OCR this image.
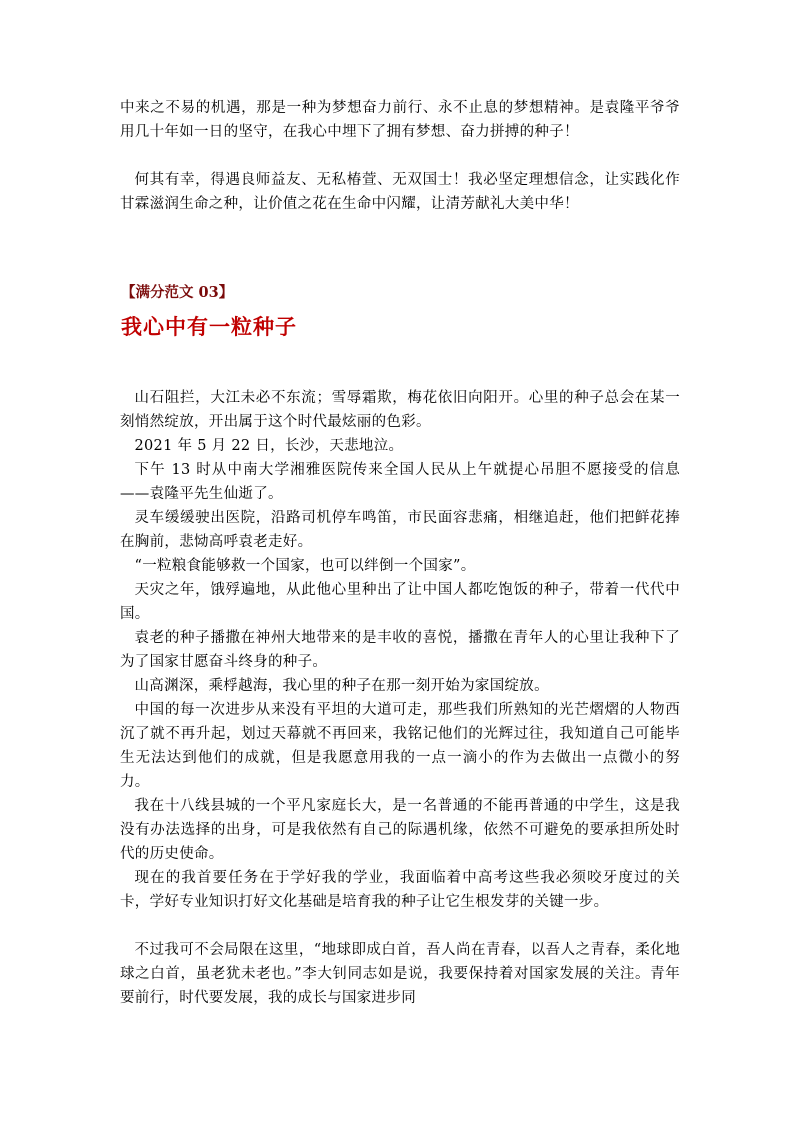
中来之不易的机遇，那是一种为梦想奋力前行、永不止息的梦想精神。是袁隆平爷爷用几十年如一日的坚守，在我心中埋下了拥有梦想、奋力拼搏的种子！

何其有幸，得遇良师益友、无私椿萱、无双国士！我必坚定理想信念，让实践化作甘霖滋润生命之种，让价值之花在生命中闪耀，让清芳献礼大美中华！

【满分范文 03】

我心中有一粒种子

山石阻拦，大江未必不东流；雪辱霜欺，梅花依旧向阳开。心里的种子总会在某一刻悄然绽放，开出属于这个时代最炫丽的色彩。

2021 年 5 月 22 日，长沙，天悲地泣。

下午 13 时从中南大学湘雅医院传来全国人民从上午就提心吊胆不愿接受的信息——袁隆平先生仙逝了。

灵车缓缓驶出医院，沿路司机停车鸣笛，市民面容悲痛，相继追赶，他们把鲜花捧在胸前，悲恸高呼袁老走好。

“一粒粮食能够救一个国家，也可以绊倒一个国家”。

天灾之年，饿殍遍地，从此他心里种出了让中国人都吃饱饭的种子，带着一代代中国。

袁老的种子播撒在神州大地带来的是丰收的喜悦，播撒在青年人的心里让我种下了为了国家甘愿奋斗终身的种子。

山高渊深，乘桴越海，我心里的种子在那一刻开始为家国绽放。

中国的每一次进步从来没有平坦的大道可走，那些我们所熟知的光芒熠熠的人物西沉了就不再升起，划过天幕就不再回来，我铭记他们的光辉过往，我知道自己可能毕生无法达到他们的成就，但是我愿意用我的一点一滴小的作为去做出一点微小的努力。

我在十八线县城的一个平凡家庭长大，是一名普通的不能再普通的中学生，这是我没有办法选择的出身，可是我依然有自己的际遇机缘，依然不可避免的要承担所处时代的历史使命。

现在的我首要任务在于学好我的学业，我面临着中高考这些我必须咬牙度过的关卡，学好专业知识打好文化基础是培育我的种子让它生根发芽的关键一步。

不过我可不会局限在这里，“地球即成白首，吾人尚在青春，以吾人之青春，柔化地球之白首，虽老犹未老也。”李大钊同志如是说，我要保持着对国家发展的关注。青年要前行，时代要发展，我的成长与国家进步同
